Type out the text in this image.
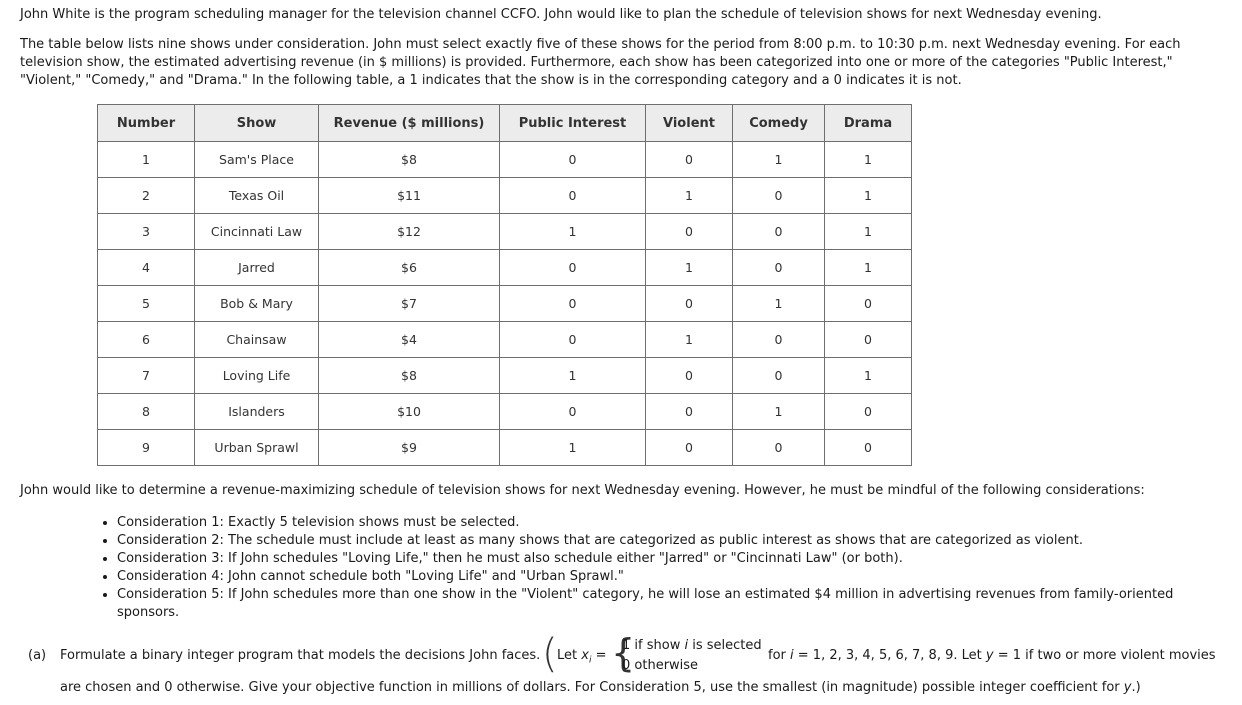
John White is the program scheduling manager for the television channel CCFO. John would like to plan the schedule of television shows for next Wednesday evening.

The table below lists nine shows under consideration. John must select exactly five of these shows for the period from 8:00 p.m. to 10:30 p.m. next Wednesday evening. For each television show, the estimated advertising revenue (in $ millions) is provided. Furthermore, each show has been categorized into one or more of the categories "Public Interest," "Violent," "Comedy," and "Drama." In the following table, a 1 indicates that the show is in the corresponding category and a 0 indicates it is not.

Number	Show	Revenue ($ millions)	Public Interest	Violent	Comedy	Drama
1	Sam's Place	$8	0	0	1	1
2	Texas Oil	$11	0	1	0	1
3	Cincinnati Law	$12	1	0	0	1
4	Jarred	$6	0	1	0	1
5	Bob & Mary	$7	0	0	1	0
6	Chainsaw	$4	0	1	0	0
7	Loving Life	$8	1	0	0	1
8	Islanders	$10	0	0	1	0
9	Urban Sprawl	$9	1	0	0	0
John would like to determine a revenue-maximizing schedule of television shows for next Wednesday evening. However, he must be mindful of the following considerations:
• Consideration 1: Exactly 5 television shows must be selected.
• Consideration 2: The schedule must include at least as many shows that are categorized as public interest as shows that are categorized as violent.
• Consideration 3: If John schedules "Loving Life," then he must also schedule either "Jarred" or "Cincinnati Law" (or both).
• Consideration 4: John cannot schedule both "Loving Life" and "Urban Sprawl."
• Consideration 5: If John schedules more than one show in the "Violent" category, he will lose an estimated $4 million in advertising revenues from family-oriented sponsors.
(a) Formulate a binary integer program that models the decisions John faces. ( Let $x_i$ = {
1 if show i is selected
0 otherwise
for i = 1, 2, 3, 4, 5, 6, 7, 8, 9. Let y = 1 if two or more violent movies
are chosen and 0 otherwise. Give your objective function in millions of dollars. For Consideration 5, use the smallest (in magnitude) possible integer coefficient for y.)
